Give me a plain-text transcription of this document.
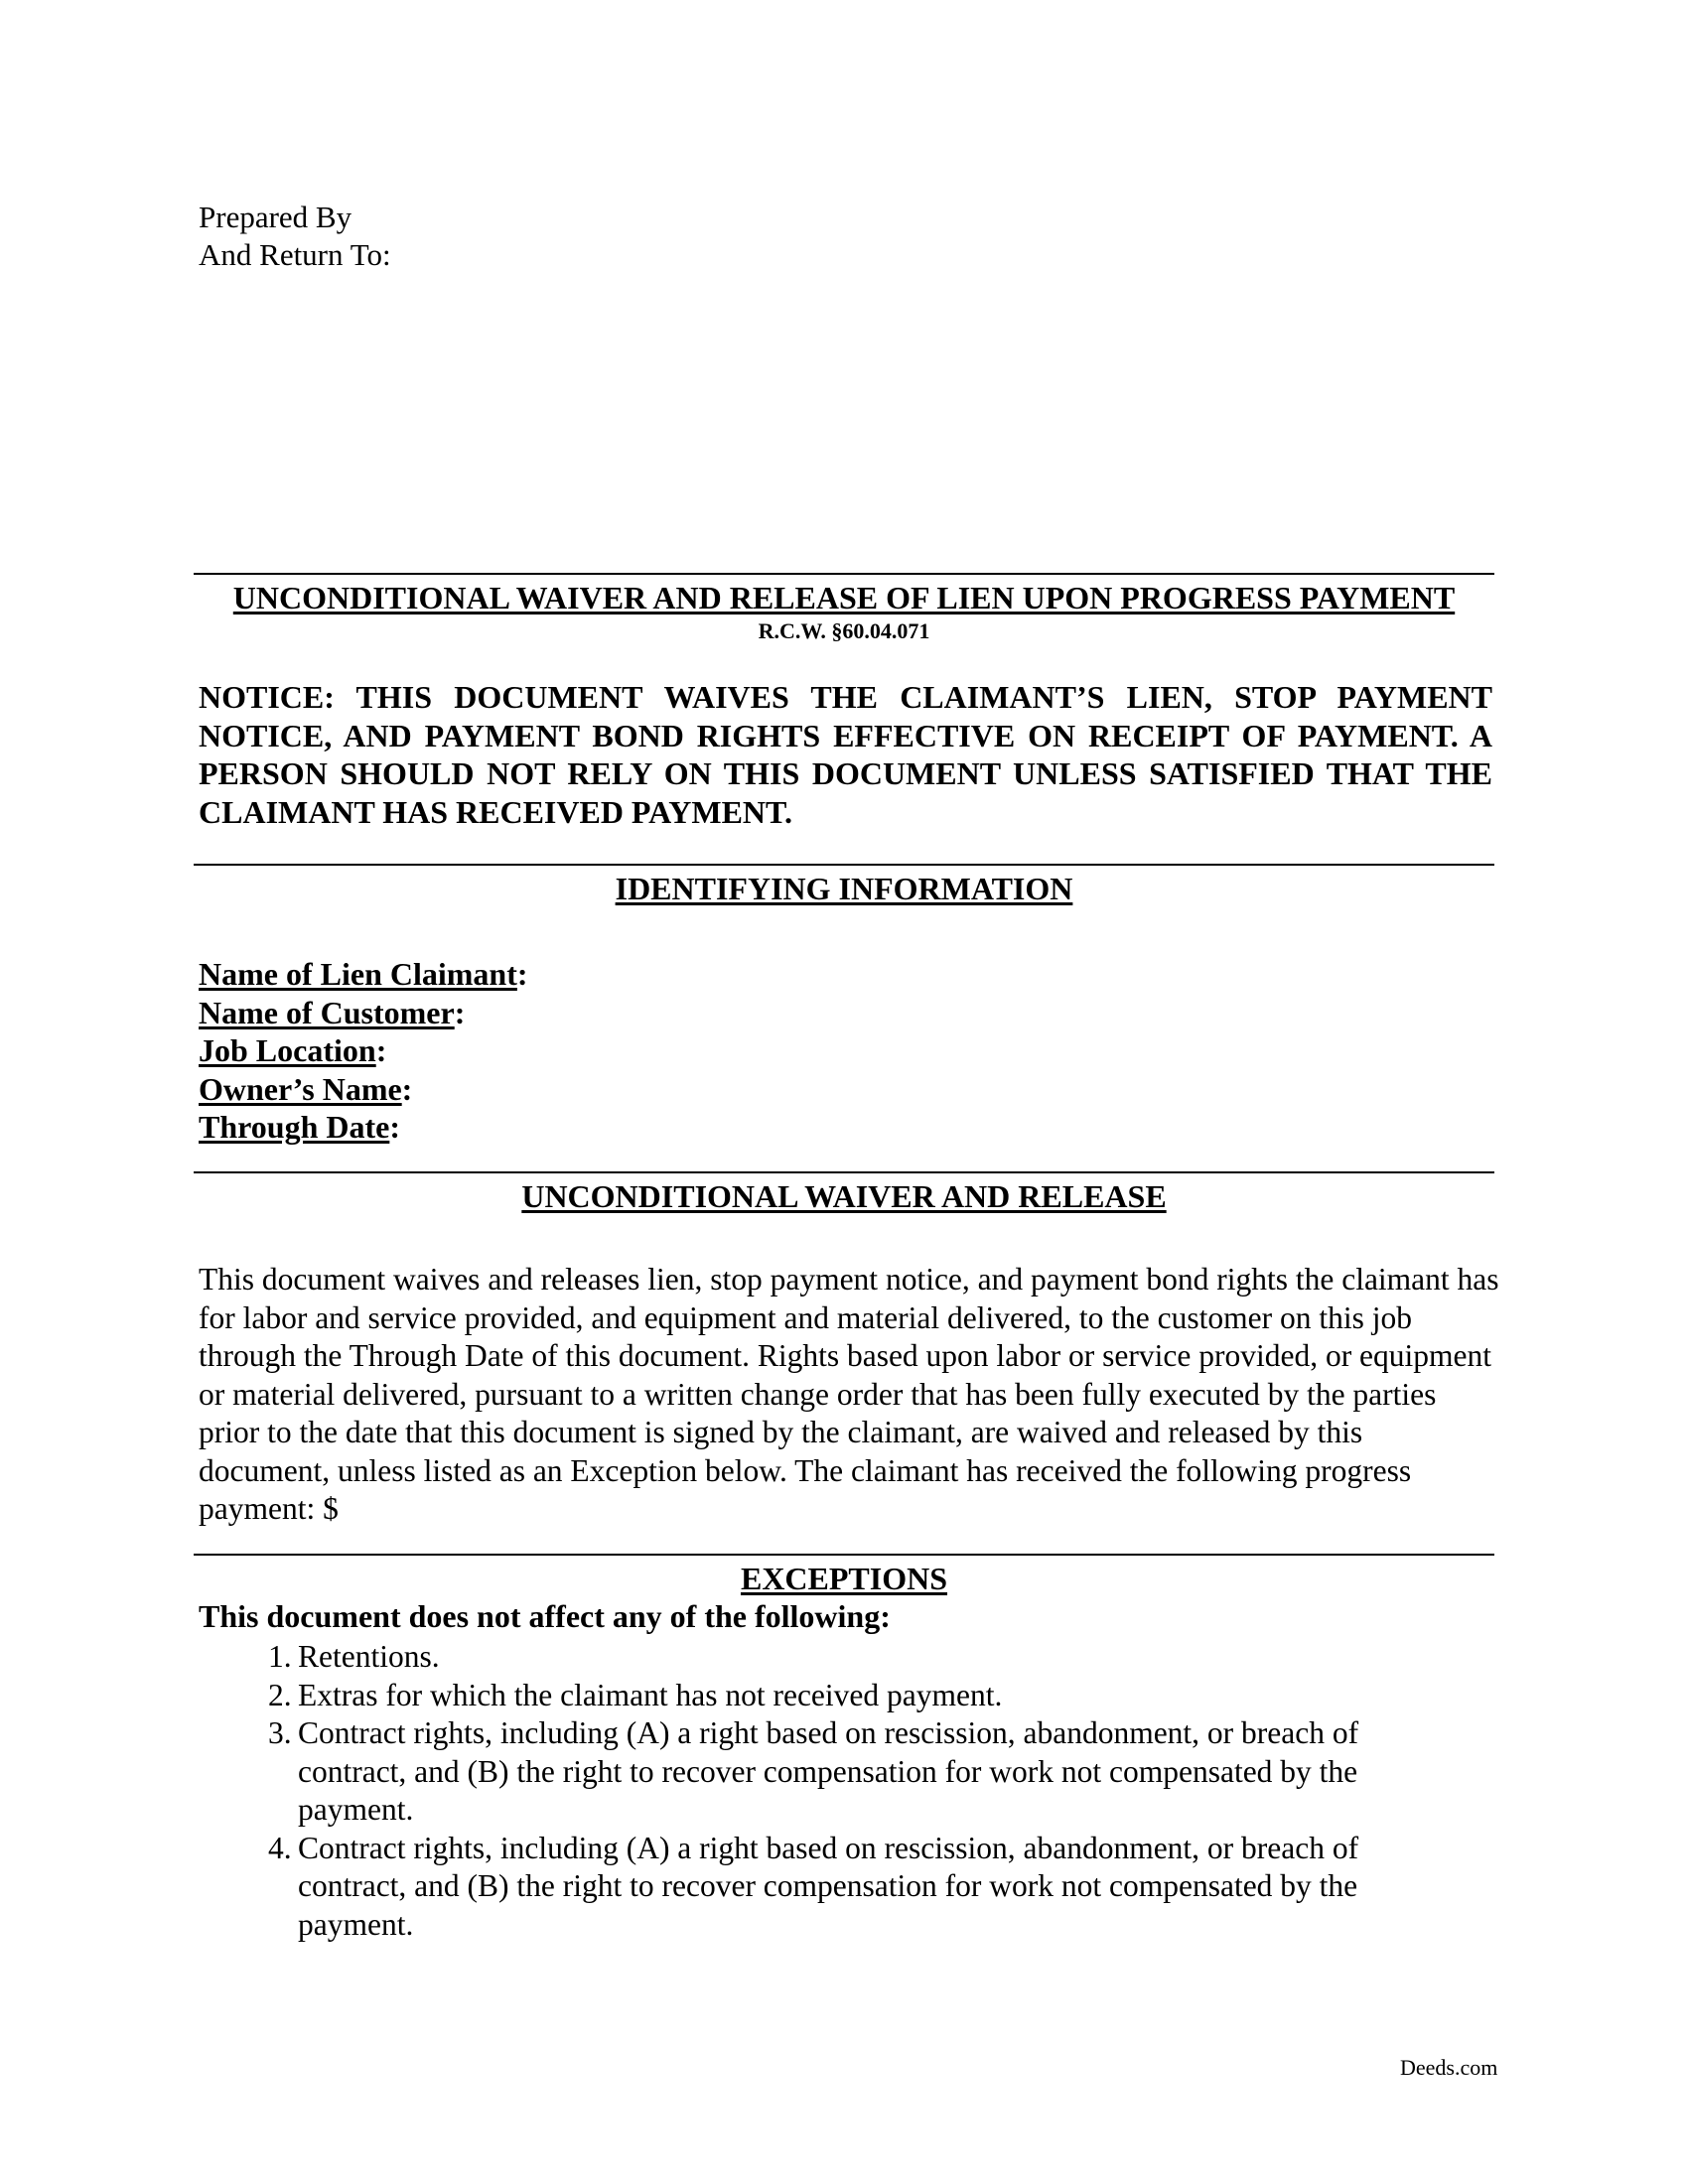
Prepared By
And Return To:
UNCONDITIONAL WAIVER AND RELEASE OF LIEN UPON PROGRESS PAYMENT
R.C.W. §60.04.071
NOTICE: THIS DOCUMENT WAIVES THE CLAIMANT’S LIEN, STOP PAYMENT NOTICE, AND PAYMENT BOND RIGHTS EFFECTIVE ON RECEIPT OF PAYMENT. A PERSON SHOULD NOT RELY ON THIS DOCUMENT UNLESS SATISFIED THAT THE CLAIMANT HAS RECEIVED PAYMENT.
IDENTIFYING INFORMATION
Name of Lien Claimant:
Name of Customer:
Job Location:
Owner’s Name:
Through Date:
UNCONDITIONAL WAIVER AND RELEASE

This document waives and releases lien, stop payment notice, and payment bond rights the claimant has for labor and service provided, and equipment and material delivered, to the customer on this job through the Through Date of this document. Rights based upon labor or service provided, or equipment or material delivered, pursuant to a written change order that has been fully executed by the parties prior to the date that this document is signed by the claimant, are waived and released by this document, unless listed as an Exception below. The claimant has received the following progress payment: $

EXCEPTIONS
This document does not affect any of the following:
1. Retentions.
2. Extras for which the claimant has not received payment.
3. Contract rights, including (A) a right based on rescission, abandonment, or breach of contract, and (B) the right to recover compensation for work not compensated by the payment.
4. Contract rights, including (A) a right based on rescission, abandonment, or breach of contract, and (B) the right to recover compensation for work not compensated by the payment.
Deeds.com
